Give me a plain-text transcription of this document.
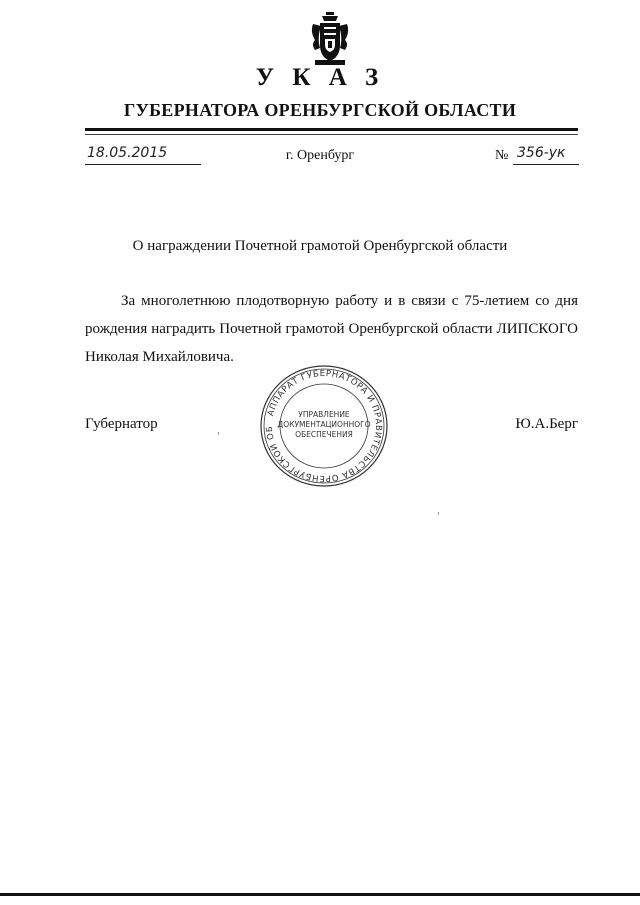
У К А З
ГУБЕРНАТОРА ОРЕНБУРГСКОЙ ОБЛАСТИ
18.05.2015	г. Оренбург	№ 356-ук
О награждении Почетной грамотой Оренбургской области
За многолетнюю плодотворную работу и в связи с 75-летием со дня рождения наградить Почетной грамотой Оренбургской области ЛИПСКОГО Николая Михайловича.
АППАРАТ ГУБЕРНАТОРА И ПРАВИТЕЛЬСТВА ОРЕНБУРГСКОЙ ОБ
УПРАВЛЕНИЕ
ДОКУМЕНТАЦИОННОГО
ОБЕСПЕЧЕНИЯ
Губернатор	Ю.А.Берг
